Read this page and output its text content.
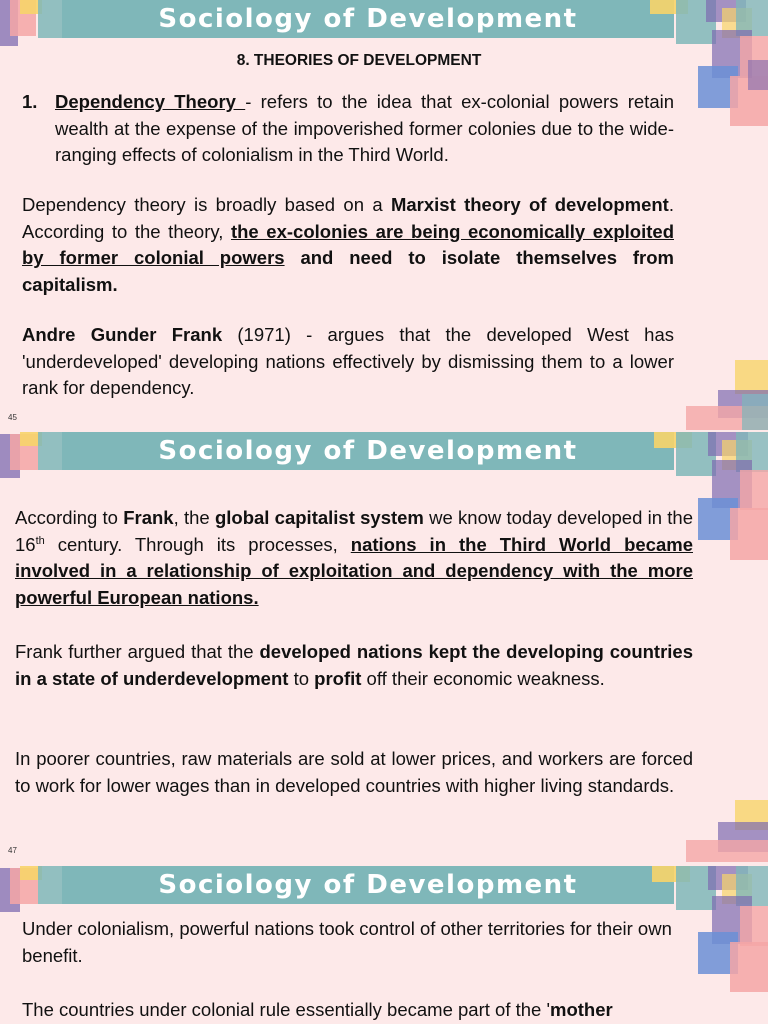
Sociology of Development
8. THEORIES OF DEVELOPMENT
1. Dependency Theory - refers to the idea that ex-colonial powers retain wealth at the expense of the impoverished former colonies due to the wide-ranging effects of colonialism in the Third World.

Dependency theory is broadly based on a Marxist theory of development. According to the theory, the ex-colonies are being economically exploited by former colonial powers and need to isolate themselves from capitalism.

Andre Gunder Frank (1971) - argues that the developed West has 'underdeveloped' developing nations effectively by dismissing them to a lower rank for dependency.

45
Sociology of Development

According to Frank, the global capitalist system we know today developed in the 16th century. Through its processes, nations in the Third World became involved in a relationship of exploitation and dependency with the more powerful European nations.

Frank further argued that the developed nations kept the developing countries in a state of underdevelopment to profit off their economic weakness.

In poorer countries, raw materials are sold at lower prices, and workers are forced to work for lower wages than in developed countries with higher living standards.

47
Sociology of Development

Under colonialism, powerful nations took control of other territories for their own benefit.

The countries under colonial rule essentially became part of the 'mother
